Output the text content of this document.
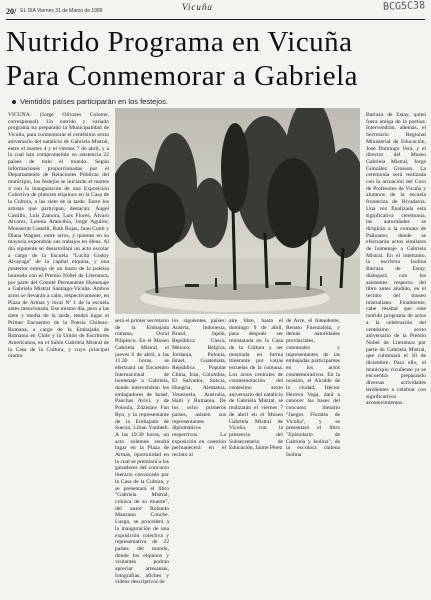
20/ EL DIA Viernes 31 de Marzo de 1989	Vicuña	BCG5C38
Nutrido Programa en Vicuña
Para Conmemorar a Gabriela
Veintidós países participarán en los festejos.

VICUÑA. (Jorge Olivares Colome, corresponsal). Un nutrido y variado programa ha preparado la Municipalidad de Vicuña, para conmemorar el centésimo sexto aniversario del natalicio de Gabriela Mistral, entre el martes 4 y el viernes 7 de abril, y a la cual han comprometido su asistencia 22 países de todo el mundo. Según informaciones proporcionadas por el Departamento de Relaciones Públicas del municipio, los festejos se iniciarán el martes 4 con la inauguración de una Exposición Colectiva de pintores elquinos en la Casa de la Cultura, a las siete de la tarde. Entre los artistas que participan, destacan: Ángel Castillo, Luis Zamora, Luis Flores, Álvaro Alvarez, Lorena Arancibia, Jorge Aguirre, Monserrat Castelli, Ruth Rojas, Juan Conti y Diana Wagner, entre otros, y quienes en su mayoría expondrán sus trabajos en óleos. Al día siguiente se desarrollará un acto escolar a cargo de la Escuela "Lucila Godoy Alcayaga" de la capital elquina, y una posterior entrega de un busto de la poetisa laureada con el Premio Nobel de Literatura, por parte del Comité Permanente Homenaje a Gabriela Mistral Santiago-Vicuña. Ambos actos se llevarán a cabo, respectivamente, en Plaza de Armas y local Nº 1 de la escuela antes mencionada. Ese mismo día, pero a las siete y media de la tarde, tendrá lugar el Primer Encuentro de la Poesía Chileno-Rumana, a cargo de la Embajada de Rumania en Chile y la Unión de Escritores Americanos, en el Salón Gabriela Mistral de la Casa de la Cultura, y cuyo principal orador

será el primer secretario de la Embajada rumana, Ooral Pilipescu. En el Museo Gabriela Mistral, el jueves 6 de abril, a las 11.30 horas, se efectuará un Encuentro Internacional de homenaje a Gabriela, donde intervendrán los embajadores de Israel, Panchas Avivi, y de Polonia, Zdzislaw Fan Ryn, y la representante de la Embajada de Suecia, Lilian Ynnbeth. A las 19.30 horas, un acto solemne tendrá lugar en la Plaza de Armas, oportunidad en la cual se premiará a los ganadores del concurso literario convocado por la Casa de la Cultura, y se presentará el libro "Gabriela Mistral, crónica de su muerte", del autor Rolando Manzano Conche. Luego, se procederá a la inauguración de una exposición colectiva y representativa de 22 países del mundo, donde los elquinos y visitantes podrán apreciar artesanías, fotografías, afiches y videos descriptivos de

los siguientes países: Austria, Indonesia, Brasil, Japón, República Checa, México, Bélgica, Jordania, Polonia, Israel, Guatemala, República Popular China, Irán, Colombia, El Salvador, Suecia, Hungría, Alemania, Venezuela, Australia, Haití y Rumania. De los ocho primeros países, asisten sus representantes diplomáticos respectivos. La exposición en cuestión permanecerá en el recinto al

aire libre, hasta el domingo 9 de abril, para después ser reinstalada en la Casa de la Cultura y ser mostrada en forma itinerante por varias escuelas de la comuna. Los actos centrales de conmemoración del centésimo sexto aniversario del natalicio de Gabriela Mistral, se realizarán el viernes 7 de abril en el Museo Gabriela Mistral de Vicuña, con la presencia del Subsecretario de Educación, Jaime Pérez

de Arce, el Intendente, Renato Fuenzalida, y demás autoridades provinciales, comunales y representantes de las embajadas participantes en los actos conmemorativos. En la ocasión, el Alcalde de la ciudad, Héctor Herrera Vega, dará a conocer las bases del concurso literario "Juegos Florales de Vicuña", y se presentará el libro "Epistolario de Gabriela y Isolina", de la escritora chilena Isolina

Barraza de Estay, quien fuera amiga de la poetisa. Intervendrán, además, el Secretario Regional Ministerial de Educación, José Domingo Vera, y el director del Museo Gabriela Mistral, Jorge González Grosson. La ceremonia será realizada con la actuación del Coro de Profesores de Vicuña y alumnos de la escuela fronteriza de Rivadavia. Una vez finalizada esta significativa ceremonia, las autoridades se dirigirán a la comuna de Paihuano, donde se efectuarán actos similares de homenaje a Gabriela Mistral. En el intertanto, la escritora Isolina Barraza de Estay, dialogará con los asistentes respecto del libro antes aludido, en el recinto del museo mistraliano. Finalmente, cabe resaltar que este nutrido programa de actos a la celebración del centésimo sexto aniversario de la Premio Nobel de Literatura por parte de Gabriela Mistral, que culminará el 10 de diciembre. Para ello, el municipio vicuñense ya se encuentra preparando diversas actividades tendientes a celebrar con significativos acontecimientos.
